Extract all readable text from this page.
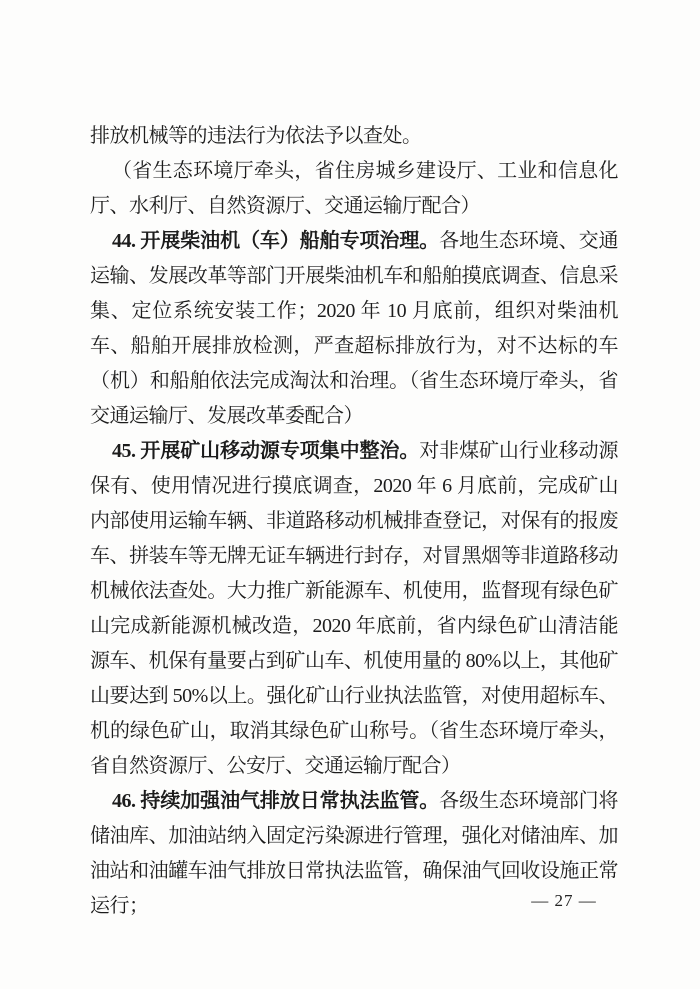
排放机械等的违法行为依法予以查处。

（省生态环境厅牵头，省住房城乡建设厅、工业和信息化厅、水利厅、自然资源厅、交通运输厅配合）

44. 开展柴油机（车）船舶专项治理。各地生态环境、交通运输、发展改革等部门开展柴油机车和船舶摸底调查、信息采集、定位系统安装工作；2020 年 10 月底前，组织对柴油机车、船舶开展排放检测，严查超标排放行为，对不达标的车（机）和船舶依法完成淘汰和治理。（省生态环境厅牵头，省交通运输厅、发展改革委配合）

45. 开展矿山移动源专项集中整治。对非煤矿山行业移动源保有、使用情况进行摸底调查，2020 年 6 月底前，完成矿山内部使用运输车辆、非道路移动机械排查登记，对保有的报废车、拼装车等无牌无证车辆进行封存，对冒黑烟等非道路移动机械依法查处。大力推广新能源车、机使用，监督现有绿色矿山完成新能源机械改造，2020 年底前，省内绿色矿山清洁能源车、机保有量要占到矿山车、机使用量的 80%以上，其他矿山要达到 50%以上。强化矿山行业执法监管，对使用超标车、机的绿色矿山，取消其绿色矿山称号。（省生态环境厅牵头，省自然资源厅、公安厅、交通运输厅配合）

46. 持续加强油气排放日常执法监管。各级生态环境部门将储油库、加油站纳入固定污染源进行管理，强化对储油库、加油站和油罐车油气排放日常执法监管，确保油气回收设施正常运行；	— 27 —
